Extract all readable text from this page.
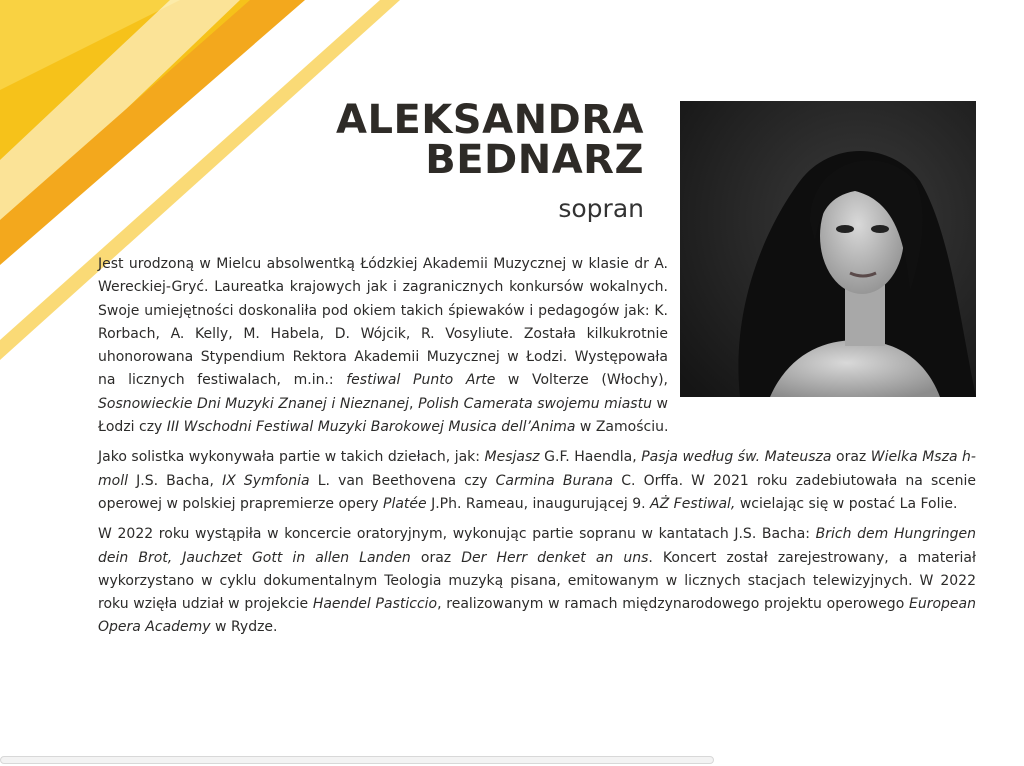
ALEKSANDRA
BEDNARZ
sopran

Jest urodzoną w Mielcu absolwentką Łódzkiej Akademii Muzycznej w klasie dr A. Wereckiej-Gryć. Laureatka krajowych jak i zagranicznych konkursów wokalnych. Swoje umiejętności doskonaliła pod okiem takich śpiewaków i pedagogów jak: K. Rorbach, A. Kelly, M. Habela, D. Wójcik, R. Vosyliute. Została kilkukrotnie uhonorowana Stypendium Rektora Akademii Muzycznej w Łodzi. Występowała na licznych festiwalach, m.in.: festiwal Punto Arte w Volterze (Włochy), Sosnowieckie Dni Muzyki Znanej i Nieznanej, Polish Camerata swojemu miastu w Łodzi czy III Wschodni Festiwal Muzyki Barokowej Musica dell’Anima w Zamościu.

Jako solistka wykonywała partie w takich dziełach, jak: Mesjasz G.F. Haendla, Pasja według św. Mateusza oraz Wielka Msza h-moll J.S. Bacha, IX Symfonia L. van Beethovena czy Carmina Burana C. Orffa. W 2021 roku zadebiutowała na scenie operowej w polskiej prapremierze opery Platée J.Ph. Rameau, inaugurującej 9. AŻ Festiwal, wcielając się w postać La Folie.

W 2022 roku wystąpiła w koncercie oratoryjnym, wykonując partie sopranu w kantatach J.S. Bacha: Brich dem Hungringen dein Brot, Jauchzet Gott in allen Landen oraz Der Herr denket an uns. Koncert został zarejestrowany, a materiał wykorzystano w cyklu dokumentalnym Teologia muzyką pisana, emitowanym w licznych stacjach telewizyjnych. W 2022 roku wzięła udział w projekcie Haendel Pasticcio, realizowanym w ramach międzynarodowego projektu operowego European Opera Academy w Rydze.
